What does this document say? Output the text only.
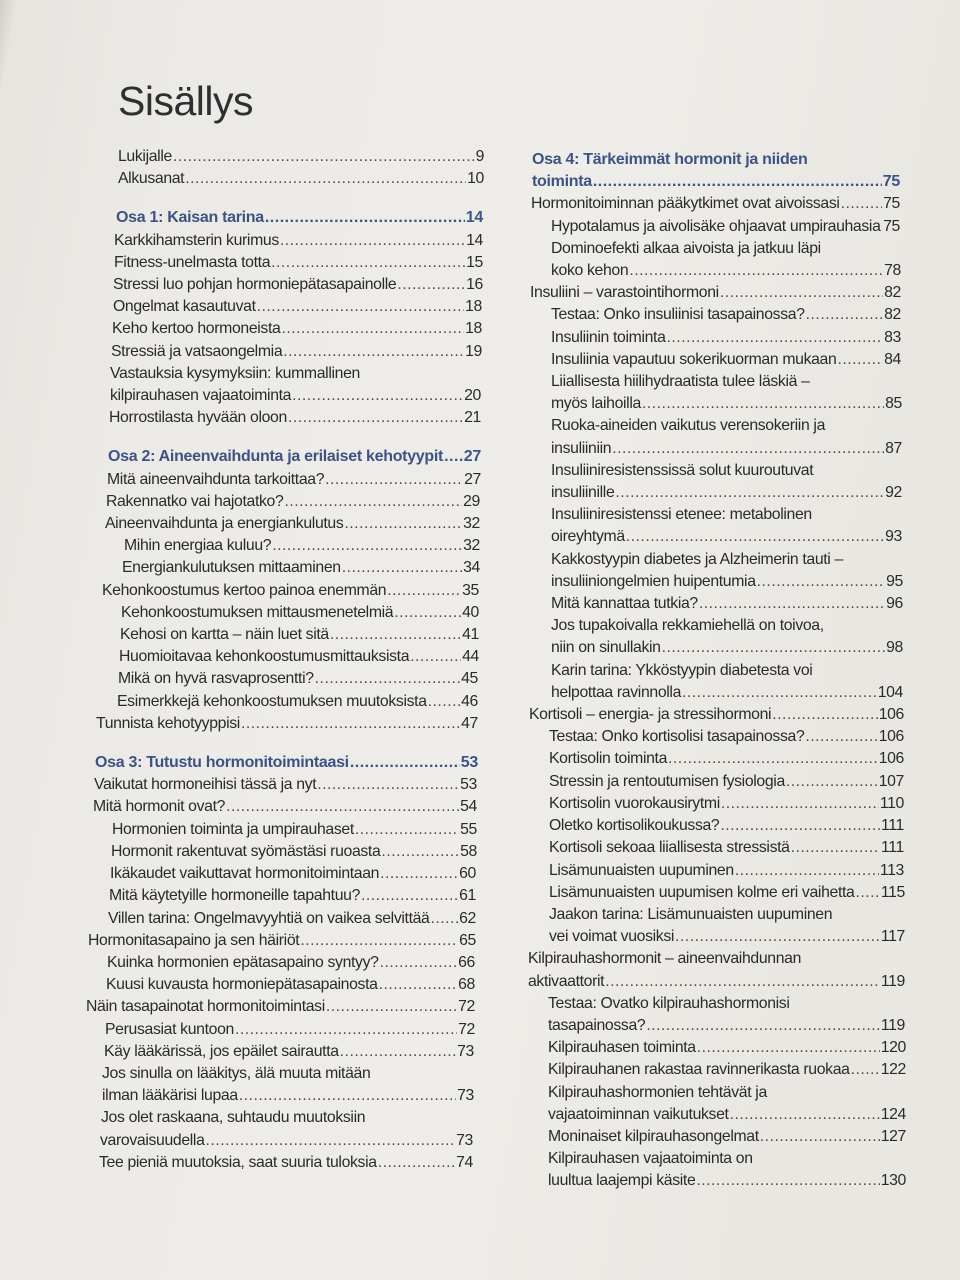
Sisällys
Lukijalle .....	9
Alkusanat .....	10
Osa 1: Kaisan tarina .....	14
Karkkihamsterin kurimus .....	14
Fitness-unelmasta totta .....	15
Stressi luo pohjan hormoniepätasapainolle .....	16
Ongelmat kasautuvat .....	18
Keho kertoo hormoneista .....	18
Stressiä ja vatsaongelmia .....	19
Vastauksia kysymyksiin: kummallinen
kilpirauhasen vajaatoiminta .....	20
Horrostilasta hyvään oloon .....	21
Osa 2: Aineenvaihdunta ja erilaiset kehotyypit ..... 27
Mitä aineenvaihdunta tarkoittaa? .....	27
Rakennatko vai hajotatko? .....	29
Aineenvaihdunta ja energiankulutus .....	32
Mihin energiaa kuluu? .....	32
Energiankulutuksen mittaaminen .....	34
Kehonkoostumus kertoo painoa enemmän .....	35
Kehonkoostumuksen mittausmenetelmiä .....	40
Kehosi on kartta – näin luet sitä .....	41
Huomioitavaa kehonkoostumusmittauksista .....	44
Mikä on hyvä rasvaprosentti? .....	45
Esimerkkejä kehonkoostumuksen muutoksista ..... 46
Tunnista kehotyyppisi .....	47
Osa 3: Tutustu hormonitoimintaasi .....	53
Vaikutat hormoneihisi tässä ja nyt .....	53
Mitä hormonit ovat? .....	54
Hormonien toiminta ja umpirauhaset .....	55
Hormonit rakentuvat syömästäsi ruoasta .....	58
Ikäkaudet vaikuttavat hormonitoimintaan .....	60
Mitä käytetyille hormoneille tapahtuu? .....	61
Villen tarina: Ongelmavyyhtiä on vaikea selvittää ..... 62
Hormonitasapaino ja sen häiriöt .....	65
Kuinka hormonien epätasapaino syntyy? .....	66
Kuusi kuvausta hormoniepätasapainosta .....	68
Näin tasapainotat hormonitoimintasi .....	72
Perusasiat kuntoon .....	72
Käy lääkärissä, jos epäilet sairautta .....	73
Jos sinulla on lääkitys, älä muuta mitään
ilman lääkärisi lupaa .....	73
Jos olet raskaana, suhtaudu muutoksiin
varovaisuudella .....	73
Tee pieniä muutoksia, saat suuria tuloksia .....	74
Osa 4: Tärkeimmät hormonit ja niiden
toiminta .....	75
Hormonitoiminnan pääkytkimet ovat aivoissasi .....	75
Hypotalamus ja aivolisäke ohjaavat umpirauhasia ..... 75
Dominoefekti alkaa aivoista ja jatkuu läpi
koko kehon .....	78
Insuliini – varastointihormoni .....	82
Testaa: Onko insuliinisi tasapainossa? .....	82
Insuliinin toiminta .....	83
Insuliinia vapautuu sokerikuorman mukaan .....	84
Liiallisesta hiilihydraatista tulee läskiä –
myös laihoilla .....	85
Ruoka-aineiden vaikutus verensokeriin ja
insuliiniin .....	87
Insuliiniresistenssissä solut kuuroutuvat
insuliinille .....	92
Insuliiniresistenssi etenee: metabolinen
oireyhtymä .....	93
Kakkostyypin diabetes ja Alzheimerin tauti –
insuliiniongelmien huipentumia .....	95
Mitä kannattaa tutkia? .....	96
Jos tupakoivalla rekkamiehellä on toivoa,
niin on sinullakin .....	98
Karin tarina: Ykköstyypin diabetesta voi
helpottaa ravinnolla .....	104
Kortisoli – energia- ja stressihormoni .....	106
Testaa: Onko kortisolisi tasapainossa? .....	106
Kortisolin toiminta .....	106
Stressin ja rentoutumisen fysiologia .....	107
Kortisolin vuorokausirytmi .....	110
Oletko kortisolikoukussa? .....	111
Kortisoli sekoaa liiallisesta stressistä .....	111
Lisämunuaisten uupuminen .....	113
Lisämunuaisten uupumisen kolme eri vaihetta ..... 115
Jaakon tarina: Lisämunuaisten uupuminen
vei voimat vuosiksi .....	117
Kilpirauhashormonit – aineenvaihdunnan
aktivaattorit .....	119
Testaa: Ovatko kilpirauhashormonisi
tasapainossa? .....	119
Kilpirauhasen toiminta .....	120
Kilpirauhanen rakastaa ravinnerikasta ruokaa ..... 122
Kilpirauhashormonien tehtävät ja
vajaatoiminnan vaikutukset .....	124
Moninaiset kilpirauhasongelmat .....	127
Kilpirauhasen vajaatoiminta on
luultua laajempi käsite .....	130
